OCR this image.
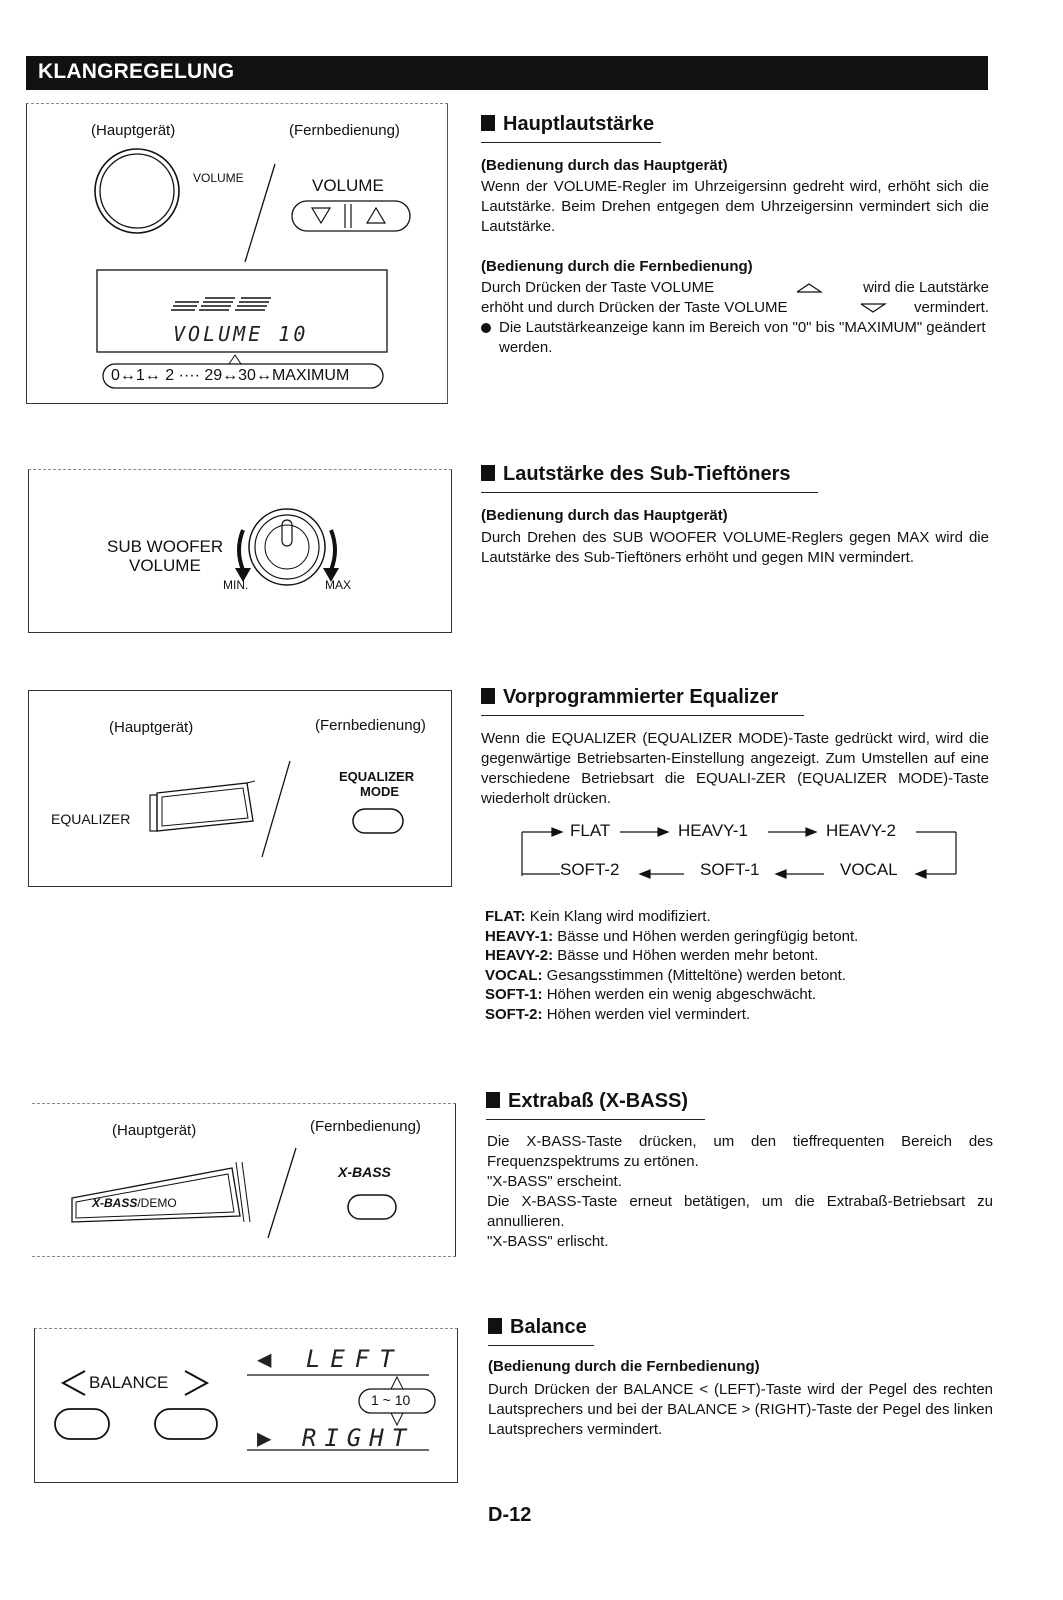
KLANGREGELUNG
(Hauptgerät)	(Fernbedienung)
VOLUME	VOLUME
VOLUME 10
0↔1↔ 2 ···· 29↔30↔MAXIMUM
Hauptlautstärke
(Bedienung durch das Hauptgerät)
Wenn der VOLUME-Regler im Uhrzeigersinn gedreht wird, erhöht sich die Lautstärke. Beim Drehen entgegen dem Uhrzeigersinn vermindert sich die Lautstärke.
(Bedienung durch die Fernbedienung)
Durch Drücken der Taste VOLUME	wird die Lautstärke
erhöht und durch Drücken der Taste VOLUME	vermindert.
Die Lautstärkeanzeige kann im Bereich von "0" bis "MAXIMUM" geändert werden.
SUB WOOFER
VOLUME
MIN.	MAX
Lautstärke des Sub-Tieftöners
(Bedienung durch das Hauptgerät)
Durch Drehen des SUB WOOFER VOLUME-Reglers gegen MAX wird die Lautstärke des Sub-Tieftöners erhöht und gegen MIN vermindert.
(Hauptgerät)	(Fernbedienung)
EQUALIZER
EQUALIZER
MODE
Vorprogrammierter Equalizer
Wenn die EQUALIZER (EQUALIZER MODE)-Taste gedrückt wird, wird die gegenwärtige Betriebsarten-Einstellung angezeigt. Zum Umstellen auf eine verschiedene Betriebsart die EQUALI-ZER (EQUALIZER MODE)-Taste wiederholt drücken.
FLAT	HEAVY-1	HEAVY-2
SOFT-2	SOFT-1	VOCAL
FLAT: Kein Klang wird modifiziert.
HEAVY-1: Bässe und Höhen werden geringfügig betont.
HEAVY-2: Bässe und Höhen werden mehr betont.
VOCAL: Gesangsstimmen (Mitteltöne) werden betont.
SOFT-1: Höhen werden ein wenig abgeschwächt.
SOFT-2: Höhen werden viel vermindert.
(Hauptgerät)	(Fernbedienung)
X-BASS/DEMO
X-BASS
Extrabaß (X-BASS)

Die X-BASS-Taste drücken, um den tieffrequenten Bereich des Frequenzspektrums zu ertönen.

"X-BASS" erscheint.

Die X-BASS-Taste erneut betätigen, um die Extrabaß-Betriebsart zu annullieren.

"X-BASS" erlischt.

BALANCE
◀ LEFT
▶ RIGHT
1 ~ 10
Balance
(Bedienung durch die Fernbedienung)
Durch Drücken der BALANCE < (LEFT)-Taste wird der Pegel des rechten Lautsprechers und bei der BALANCE > (RIGHT)-Taste der Pegel des linken Lautsprechers vermindert.
D-12
